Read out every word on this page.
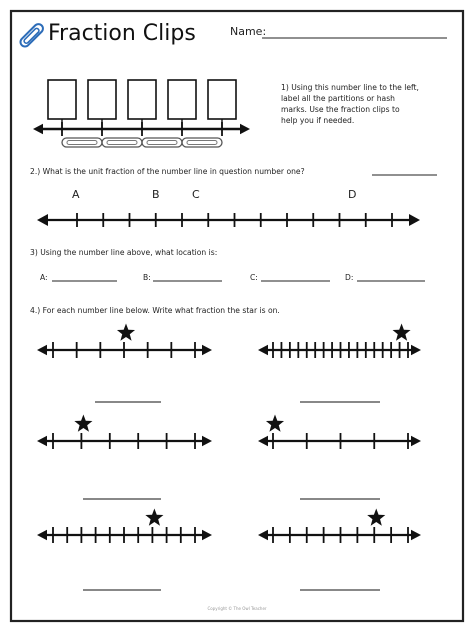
Fraction Clips	Name:
1) Using this number line to the left,
label all the partitions or hash
marks. Use the fraction clips to
help you if needed.
2.) What is the unit fraction of the number line in question number one?
A	B	C	D
3) Using the number line above, what location is:
A:	B:	C:	D:
4.) For each number line below. Write what fraction the star is on.
Copyright © The Owl Teacher
